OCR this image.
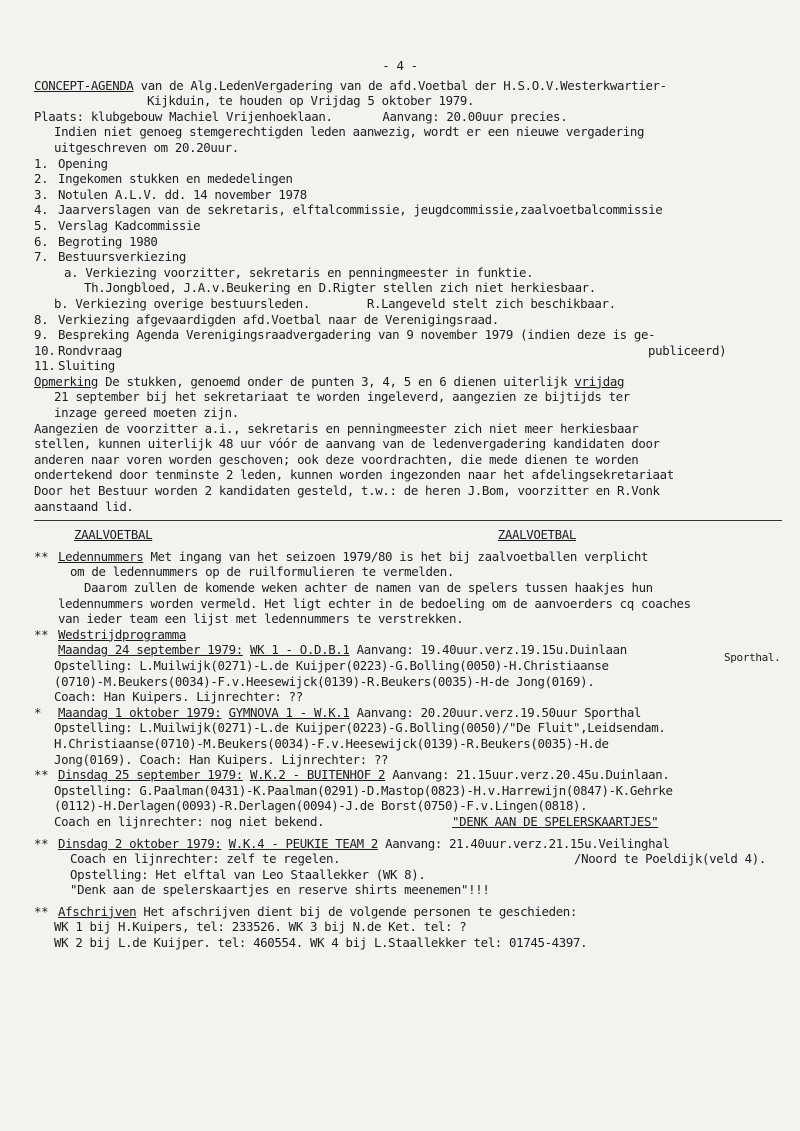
- 4 -
CONCEPT-AGENDA van de Alg.LedenVergadering van de afd.Voetbal der H.S.O.V.Westerkwartier-
Kijkduin, te houden op Vrijdag 5 oktober 1979.
Plaats: klubgebouw Machiel Vrijenhoeklaan.	Aanvang: 20.00uur precies.
Indien niet genoeg stemgerechtigden leden aanwezig, wordt er een nieuwe vergadering
uitgeschreven om 20.20uur.
1. Opening
2. Ingekomen stukken en mededelingen
3. Notulen A.L.V. dd. 14 november 1978
4. Jaarverslagen van de sekretaris, elftalcommissie, jeugdcommissie,zaalvoetbalcommissie
5. Verslag Kadcommissie
6. Begroting 1980
7. Bestuursverkiezing
a. Verkiezing voorzitter, sekretaris en penningmeester in funktie.
Th.Jongbloed, J.A.v.Beukering en D.Rigter stellen zich niet herkiesbaar.
b. Verkiezing overige bestuursleden.	R.Langeveld stelt zich beschikbaar.
8. Verkiezing afgevaardigden afd.Voetbal naar de Verenigingsraad.
9. Bespreking Agenda Verenigingsraadvergadering van 9 november 1979 (indien deze is ge-
10. Rondvraag	publiceerd)
11. Sluiting
Opmerking De stukken, genoemd onder de punten 3, 4, 5 en 6 dienen uiterlijk vrijdag
21 september bij het sekretariaat te worden ingeleverd, aangezien ze bijtijds ter
inzage gereed moeten zijn.
Aangezien de voorzitter a.i., sekretaris en penningmeester zich niet meer herkiesbaar
stellen, kunnen uiterlijk 48 uur vóór de aanvang van de ledenvergadering kandidaten door
anderen naar voren worden geschoven; ook deze voordrachten, die mede dienen te worden
ondertekend door tenminste 2 leden, kunnen worden ingezonden naar het afdelingsekretariaat
Door het Bestuur worden 2 kandidaten gesteld, t.w.: de heren J.Bom, voorzitter en R.Vonk
aanstaand lid.
ZAALVOETBAL	ZAALVOETBAL
** Ledennummers Met ingang van het seizoen 1979/80 is het bij zaalvoetballen verplicht
om de ledennummers op de ruilformulieren te vermelden.
Daarom zullen de komende weken achter de namen van de spelers tussen haakjes hun
ledennummers worden vermeld. Het ligt echter in de bedoeling om de aanvoerders cq coaches
van ieder team een lijst met ledennummers te verstrekken.
** Wedstrijdprogramma
Maandag 24 september 1979: WK 1 - O.D.B.1 Aanvang: 19.40uur.verz.19.15u.Duinlaan
Sporthal.
Opstelling: L.Muilwijk(0271)-L.de Kuijper(0223)-G.Bolling(0050)-H.Christiaanse
(0710)-M.Beukers(0034)-F.v.Heesewijck(0139)-R.Beukers(0035)-H-de Jong(0169).
Coach: Han Kuipers. Lijnrechter: ??
* Maandag 1 oktober 1979: GYMNOVA 1 - W.K.1 Aanvang: 20.20uur.verz.19.50uur Sporthal
Opstelling: L.Muilwijk(0271)-L.de Kuijper(0223)-G.Bolling(0050)/"De Fluit",Leidsendam.
H.Christiaanse(0710)-M.Beukers(0034)-F.v.Heesewijck(0139)-R.Beukers(0035)-H.de
Jong(0169). Coach: Han Kuipers. Lijnrechter: ??
** Dinsdag 25 september 1979: W.K.2 - BUITENHOF 2 Aanvang: 21.15uur.verz.20.45u.Duinlaan.
Opstelling: G.Paalman(0431)-K.Paalman(0291)-D.Mastop(0823)-H.v.Harrewijn(0847)-K.Gehrke
(0112)-H.Derlagen(0093)-R.Derlagen(0094)-J.de Borst(0750)-F.v.Lingen(0818).
Coach en lijnrechter: nog niet bekend.	"DENK AAN DE SPELERSKAARTJES"
** Dinsdag 2 oktober 1979: W.K.4 - PEUKIE TEAM 2 Aanvang: 21.40uur.verz.21.15u.Veilinghal
Coach en lijnrechter: zelf te regelen.	/Noord te Poeldijk(veld 4).
Opstelling: Het elftal van Leo Staallekker (WK 8).
"Denk aan de spelerskaartjes en reserve shirts meenemen"!!!
** Afschrijven Het afschrijven dient bij de volgende personen te geschieden:
WK 1 bij H.Kuipers, tel: 233526. WK 3 bij N.de Ket. tel: ?
WK 2 bij L.de Kuijper. tel: 460554. WK 4 bij L.Staallekker tel: 01745-4397.
